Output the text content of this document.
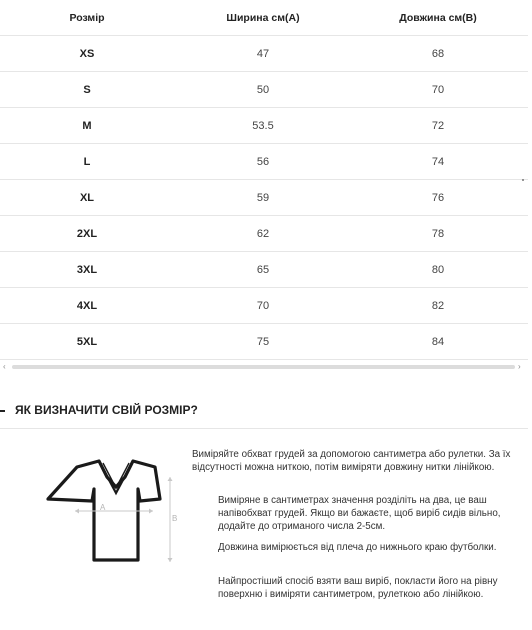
Розмір	Ширина см(А)	Довжина см(В)
XS	47	68
S	50	70
M	53.5	72
L	56	74
XL	59	76
2XL	62	78
3XL	65	80
4XL	70	82
5XL	75	84
‹	›
ЯК ВИЗНАЧИТИ СВІЙ РОЗМІР?
A
B
Виміряйте обхват грудей за допомогою сантиметра або рулетки. За їх відсутності можна ниткою, потім виміряти довжину нитки лінійкою.
Виміряне в сантиметрах значення розділіть на два, це ваш напівобхват грудей. Якщо ви бажаєте, щоб виріб сидів вільно, додайте до отриманого числа 2-5см.
Довжина вимірюється від плеча до нижнього краю футболки.
Найпростіший спосіб взяти ваш виріб, покласти його на рівну поверхню і виміряти сантиметром, рулеткою або лінійкою.
